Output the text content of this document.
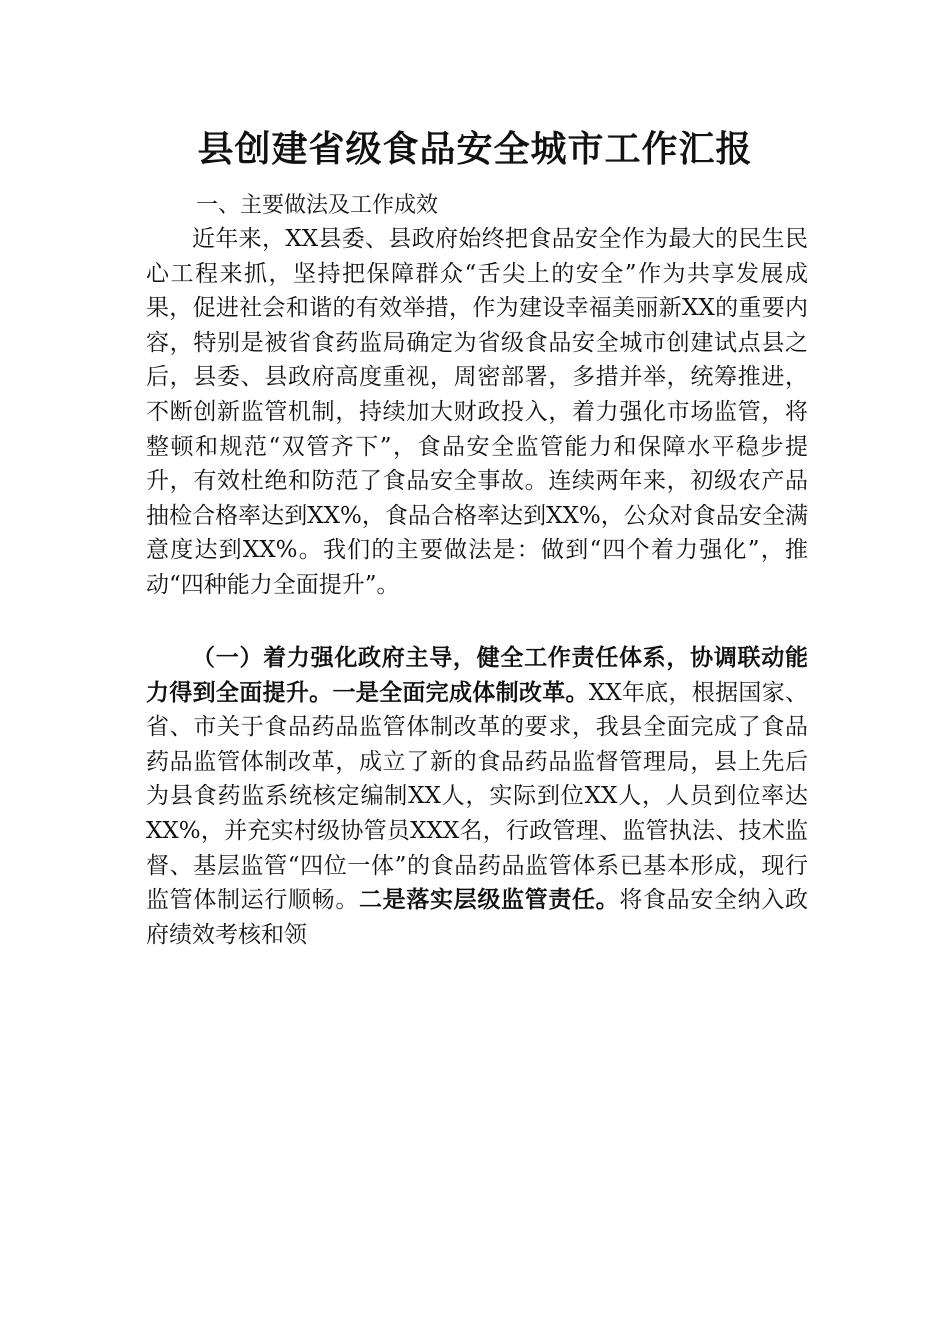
县创建省级食品安全城市工作汇报
一、主要做法及工作成效

近年来，XX县委、县政府始终把食品安全作为最大的民生民心工程来抓，坚持把保障群众“舌尖上的安全”作为共享发展成果，促进社会和谐的有效举措，作为建设幸福美丽新XX的重要内容，特别是被省食药监局确定为省级食品安全城市创建试点县之后，县委、县政府高度重视，周密部署，多措并举，统筹推进，不断创新监管机制，持续加大财政投入，着力强化市场监管，将整顿和规范“双管齐下”，食品安全监管能力和保障水平稳步提升，有效杜绝和防范了食品安全事故。连续两年来，初级农产品抽检合格率达到XX%，食品合格率达到XX%，公众对食品安全满意度达到XX%。我们的主要做法是：做到“四个着力强化”，推动“四种能力全面提升”。

（一）着力强化政府主导，健全工作责任体系，协调联动能力得到全面提升。一是全面完成体制改革。XX年底，根据国家、省、市关于食品药品监管体制改革的要求，我县全面完成了食品药品监管体制改革，成立了新的食品药品监督管理局，县上先后为县食药监系统核定编制XX人，实际到位XX人，人员到位率达XX%，并充实村级协管员XXX名，行政管理、监管执法、技术监督、基层监管“四位一体”的食品药品监管体系已基本形成，现行监管体制运行顺畅。二是落实层级监管责任。将食品安全纳入政府绩效考核和领
